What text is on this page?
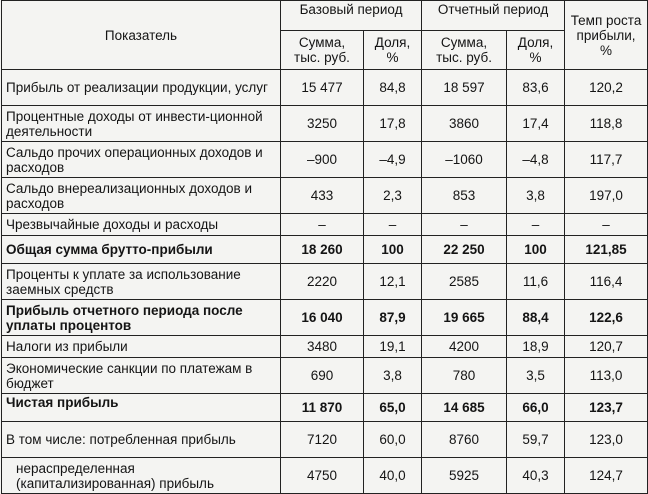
Показатель	Базовый период		Отчетный период		Темп роста прибыли, %
	Сумма, тыс. руб.	Доля, %	Сумма, тыс. руб.	Доля, %	
Прибыль от реализации продукции, услуг	15 477	84,8	18 597	83,6	120,2
Процентные доходы от инвести-ционной деятельности	3250	17,8	3860	17,4	118,8
Сальдо прочих операционных доходов и расходов	–900	–4,9	–1060	–4,8	117,7
Сальдо внереализационных доходов и расходов	433	2,3	853	3,8	197,0
Чрезвычайные доходы и расходы	–	–	–	–	–
Общая сумма брутто-прибыли	18 260	100	22 250	100	121,85
Проценты к уплате за использование заемных средств	2220	12,1	2585	11,6	116,4
Прибыль отчетного периода после уплаты процентов	16 040	87,9	19 665	88,4	122,6
Налоги из прибыли	3480	19,1	4200	18,9	120,7
Экономические санкции по платежам в бюджет	690	3,8	780	3,5	113,0
Чистая прибыль	11 870	65,0	14 685	66,0	123,7
В том числе: потребленная прибыль	7120	60,0	8760	59,7	123,0
нераспределенная (капитализированная) прибыль	4750	40,0	5925	40,3	124,7
